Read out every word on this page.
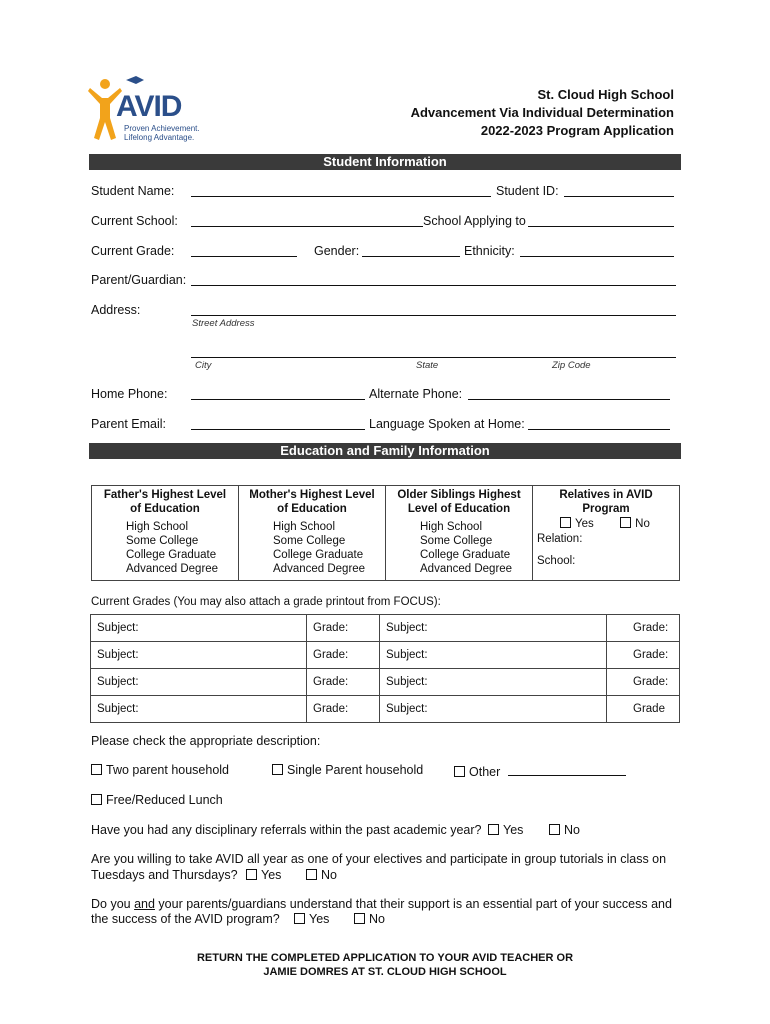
AVID
Proven Achievement.
Lifelong Advantage.
St. Cloud High School
Advancement Via Individual Determination
2022-2023 Program Application
Student Information
Student Name:	Student ID:
Current School:	School Applying to
Current Grade:	Gender:	Ethnicity:
Parent/Guardian:
Address:
Street Address
City	State	Zip Code
Home Phone:	Alternate Phone:
Parent Email:	Language Spoken at Home:
Education and Family Information
Father's Highest Level
of Education
High School
Some College
College Graduate
Advanced Degree

Mother's Highest Level
of Education
High School
Some College
College Graduate
Advanced Degree

Older Siblings Highest
Level of Education
High School
Some College
College Graduate
Advanced Degree

Relatives in AVID
Program
Yes	No
Relation:
School:
Current Grades (You may also attach a grade printout from FOCUS):
Subject:	Grade:	Subject:	Grade:
Subject:	Grade:	Subject:	Grade:
Subject:	Grade:	Subject:	Grade:
Subject:	Grade:	Subject:	Grade
Please check the appropriate description:
Two parent household	Single Parent household	Other
Free/Reduced Lunch
Have you had any disciplinary referrals within the past academic year?	Yes	No
Are you willing to take AVID all year as one of your electives and participate in group tutorials in class on
Tuesdays and Thursdays?	Yes	No
Do you and your parents/guardians understand that their support is an essential part of your success and
the success of the AVID program?	Yes	No
RETURN THE COMPLETED APPLICATION TO YOUR AVID TEACHER OR
JAMIE DOMRES AT ST. CLOUD HIGH SCHOOL
